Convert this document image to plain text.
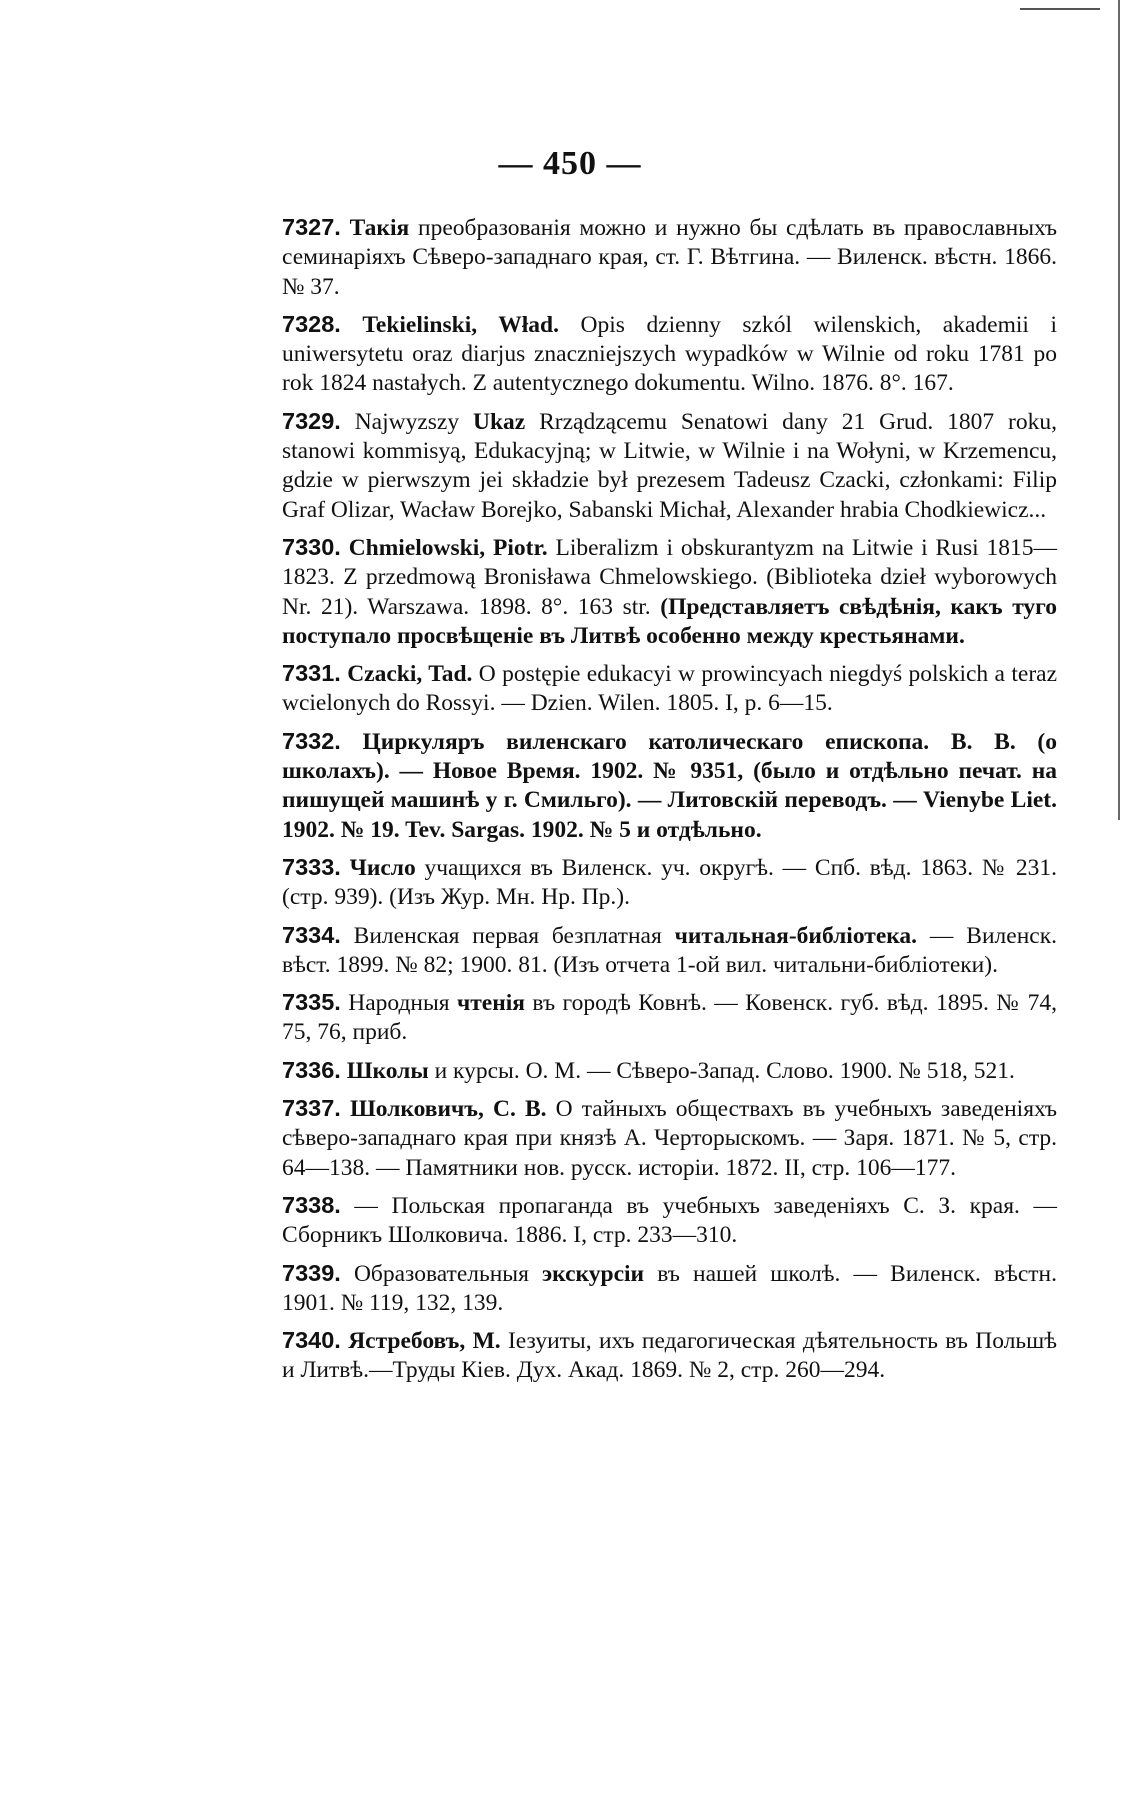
— 450 —

7327. Такія преобразованія можно и нужно бы сдѣлать въ православныхъ семинаріяхъ Сѣверо-западнаго края, ст. Г. Вѣтгина. — Виленск. вѣстн. 1866. № 37.

7328. Tekielinski, Wład. Opis dzienny szkól wilenskich, akademii i uniwersytetu oraz diarjus znaczniejszych wypadków w Wilnie od roku 1781 po rok 1824 nastałych. Z autentycznego dokumentu. Wilno. 1876. 8°. 167.

7329. Najwyzszy Ukaz Rrządzącemu Senatowi dany 21 Grud. 1807 roku, stanowi kommisyą, Edukacyjną; w Litwie, w Wilnie i na Wołyni, w Krzemencu, gdzie w pierwszym jei składzie był prezesem Tadeusz Czacki, członkami: Filip Graf Olizar, Wacław Borejko, Sabanski Michał, Alexander hrabia Chodkiewicz...

7330. Chmielowski, Piotr. Liberalizm i obskurantyzm na Litwie i Rusi 1815—1823. Z przedmową Bronisława Chmelowskiego. (Biblioteka dzieł wyborowych Nr. 21). Warszawa. 1898. 8°. 163 str. (Представляетъ свѣдѣнія, какъ туго поступало просвѣщеніе въ Литвѣ особенно между крестьянами.

7331. Czacki, Tad. O postępie edukacyi w prowincyach niegdyś polskich a teraz wcielonych do Rossyi. — Dzien. Wilen. 1805. I, p. 6—15.

7332. Циркуляръ виленскаго католическаго епископа. В. В. (о школахъ). — Новое Время. 1902. № 9351, (было и отдѣльно печат. на пишущей машинѣ у г. Смильго). — Литовскій переводъ. — Vienybe Liet. 1902. № 19. Tev. Sargas. 1902. № 5 и отдѣльно.

7333. Число учащихся въ Виленск. уч. округѣ. — Спб. вѣд. 1863. № 231. (стр. 939). (Изъ Жур. Мн. Нр. Пр.).

7334. Виленская первая безплатная читальная-библіотека. — Виленск. вѣст. 1899. № 82; 1900. 81. (Изъ отчета 1-ой вил. читальни-библіотеки).

7335. Народныя чтенія въ городѣ Ковнѣ. — Ковенск. губ. вѣд. 1895. № 74, 75, 76, приб.

7336. Школы и курсы. О. М. — Сѣверо-Запад. Слово. 1900. № 518, 521.

7337. Шолковичъ, С. В. О тайныхъ обществахъ въ учебныхъ заведеніяхъ сѣверо-западнаго края при князѣ А. Черторыскомъ. — Заря. 1871. № 5, стр. 64—138. — Памятники нов. русск. исторіи. 1872. II, стр. 106—177.

7338. — Польская пропаганда въ учебныхъ заведеніяхъ С. З. края. — Сборникъ Шолковича. 1886. I, стр. 233—310.

7339. Образовательныя экскурсіи въ нашей школѣ. — Виленск. вѣстн. 1901. № 119, 132, 139.

7340. Ястребовъ, М. Іезуиты, ихъ педагогическая дѣятельность въ Польшѣ и Литвѣ.—Труды Кіев. Дух. Акад. 1869. № 2, стр. 260—294.
